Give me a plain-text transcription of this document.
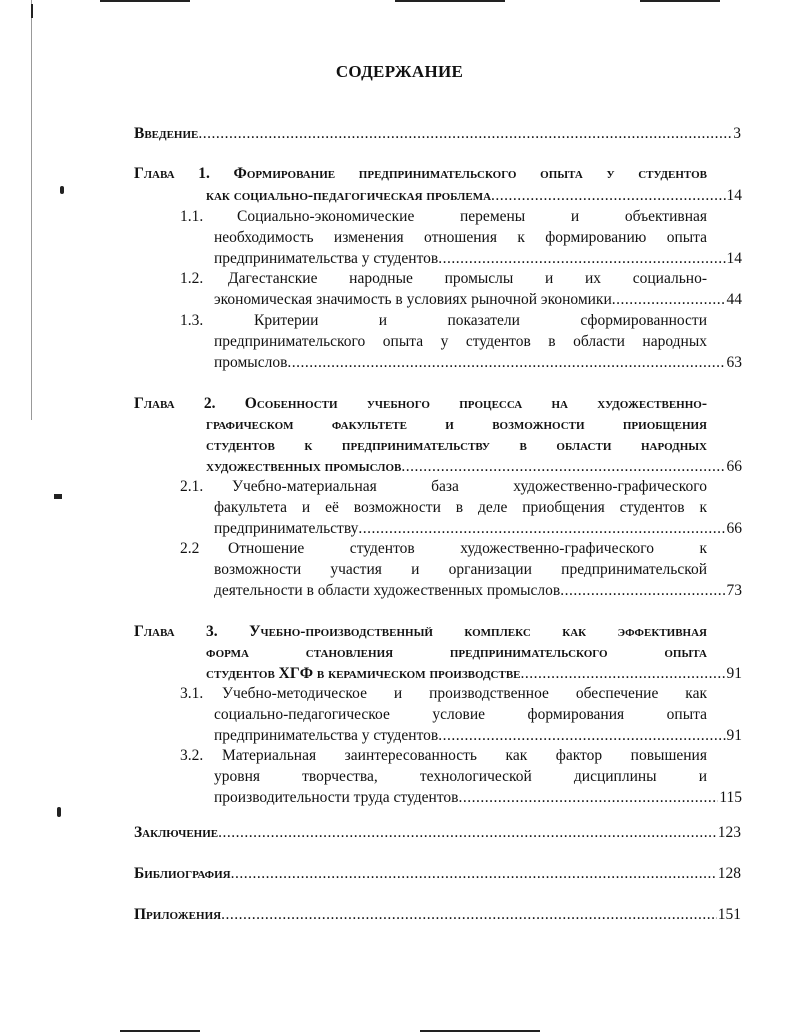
СОДЕРЖАНИЕ
Введение .....	3
Глава 1. Формирование предпринимательского опыта у студентов
как социально-педагогическая проблема .....	14
1.1. Социально-экономические перемены и объективная
необходимость изменения отношения к формированию опыта
предпринимательства у студентов .....	14
1.2. Дагестанские народные промыслы и их социально-
экономическая значимость в условиях рыночной экономики .....	44
1.3.	Критерии и показатели сформированности
предпринимательского опыта у студентов в области народных
промыслов .....	63
Глава 2. Особенности учебного процесса на художественно-
графическом факультете и возможности приобщения
студентов к предпринимательству в области народных
художественных промыслов .....	66
2.1. Учебно-материальная база художественно-графического
факультета и её возможности в деле приобщения студентов к
предпринимательству .....	66
2.2 Отношение студентов художественно-графического к
возможности участия и организации предпринимательской
деятельности в области художественных промыслов .....	73
Глава 3. Учебно-производственный комплекс как эффективная
форма становления предпринимательского опыта
студентов ХГФ в керамическом производстве .....	91
3.1. Учебно-методическое и производственное обеспечение как
социально-педагогическое условие формирования опыта
предпринимательства у студентов .....	91
3.2. Материальная заинтересованность как фактор повышения
уровня творчества, технологической дисциплины и
производительности труда студентов .....	115
Заключение .....	123
Библиография .....	128
Приложения .....	151
